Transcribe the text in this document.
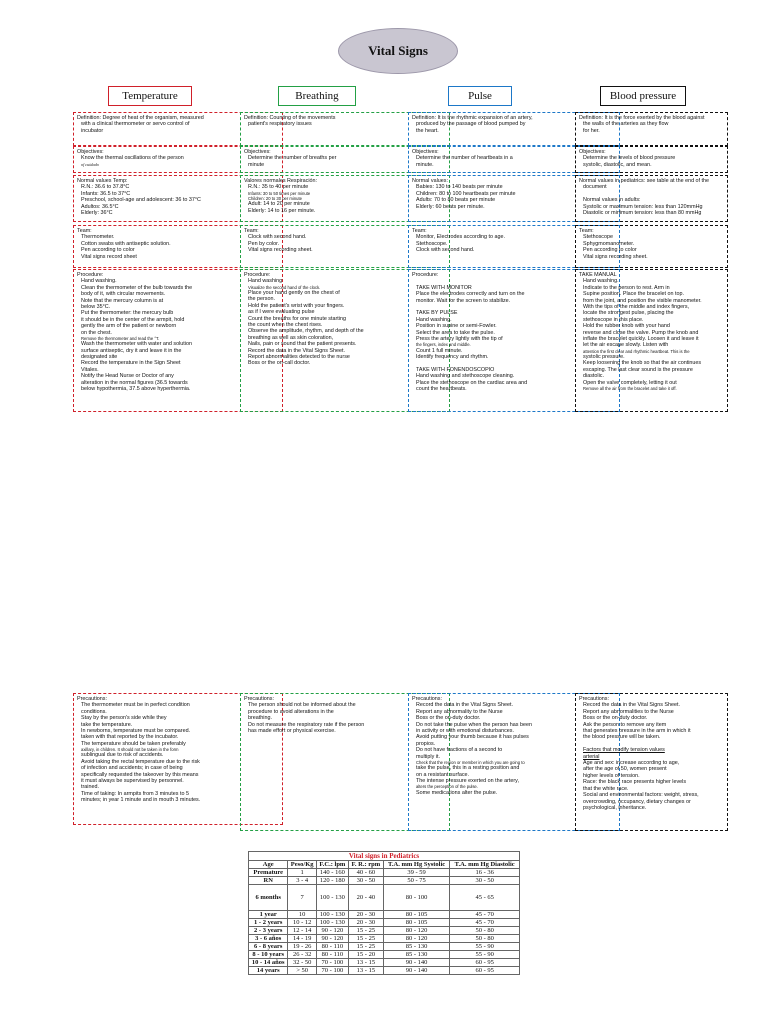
Vital Signs
Temperature
Definition: Degree of heat of the organism, measured
with a clinical thermometer or servo control of
incubator
Objectives:
Know the thermal oscillations of the person
of cuidado
Normal values Temp:
R.N.: 36.6 to 37.8°C
Infants: 36.5 to 37°C
Preschool, school-age and adolescent: 36 to 37°C
Adultos: 36.5°C
Elderly: 36°C
Team:
Thermometer.
Cotton swabs with antiseptic solution.
Pen according to color
Vital signs record sheet
Procedure:
Hand washing.
Clean the thermometer of the bulb towards the
body of it, with circular movements.
Note that the mercury column is at
below 35°C.
Put the thermometer: the mercury bulb
it should be in the center of the armpit, hold
gently the arm of the patient or newborn
on the chest.
Remove the thermometer and read the °T.
Wash the thermometer with water and solution
surface antiseptic, dry it and leave it in the
designated site
Record the temperature in the Sign Sheet
Vitales.
Notify the Head Nurse or Doctor of any
alteration in the normal figures (36.5 towards
below hypothermia, 37.5 above hyperthermia.
Precautions:
The thermometer must be in perfect condition
conditions.
Stay by the person's side while they
take the temperature.
In newborns, temperature must be compared.
taken with that reported by the incubator.
The temperature should be taken preferably
axillary, in children. It should not be taken in the form
sublingual due to risk of accidents.
Avoid taking the rectal temperature due to the risk
of infection and accidents; in case of being
specifically requested the takeover by this means
it must always be supervised by personnel.
trained.
Time of taking: In armpits from 3 minutes to 5
minutes; in year 1 minute and in mouth 3 minutes.
Breathing
Definition: Counting of the movements
patient's respiratory issues
Objectives:
Determine the number of breaths per
minute
Valores normales Respiración:
R.N.: 35 to 40 per minute
Infants: 30 to 50 times per minute
Children: 20 to 30 per minute
Adult: 14 to 20 per minute
Elderly: 14 to 16 per minute.
Team:
Clock with second hand.
Pen by color.
Vital signs recording sheet.
Procedure:
Hand washing
Visualize the second hand of the clock.
Place your hand gently on the chest of
the person.
Hold the patient's wrist with your fingers.
as if I were evaluating pulse
Count the breaths for one minute starting
the count when the chest rises.
Observe the amplitude, rhythm, and depth of the
breathing as well as skin coloration,
Nails, pain or sound that the patient presents.
Record the data in the Vital Signs Sheet.
Report abnormalities detected to the nurse
Boss or the on-call doctor.
Precautions:
The person should not be informed about the
procedure to avoid alterations in the
breathing.
Do not measure the respiratory rate if the person
has made effort or physical exercise.
Pulse
Definition: It is the rhythmic expansion of an artery,
produced by the passage of blood pumped by
the heart.
Objectives:
Determine the number of heartbeats in a
minute.
Normal values:
Babies: 130 to 140 beats per minute
Children: 80 to 100 heartbeats per minute
Adults: 70 to 80 beats per minute
Elderly: 60 beats per minute.
Team:
Monitor, Electrodes according to age.
Stethoscope.
Clock with second hand.
Procedure:

TAKE WITH MONITOR
Place the electrodes correctly and turn on the
monitor. Wait for the screen to stabilize.

TAKE BY PULSE
Hand washing.
Position in supine or semi-Fowler.
Select the area to take the pulse.
Press the artery lightly with the tip of
the fingers, index and middle.
Count 1 full minute.
Identify frequency and rhythm.

TAKE WITH FONENDOSCOPIO
Hand washing and stethoscope cleaning.
Place the stethoscope on the cardiac area and
count the heartbeats.
Precautions:
Record the data in the Vital Signs Sheet.
Report any abnormality to the Nurse
Boss or the on-duty doctor.
Do not take the pulse when the person has been
in activity or with emotional disturbances.
Avoid putting your thumb because it has pulses
propios.
Do not have fractions of a second to
multiply it.
Check that the region or member in which you are going to
take the pulse, this in a resting position and
on a resistant surface.
The intense pressure exerted on the artery,
alters the perception of the pulse.
Some medications alter the pulse.
Blood pressure
Definition: It is the force exerted by the blood against
the walls of the arteries as they flow
for her.
Objectives:
Determine the levels of blood pressure
systolic, diastolic, and mean.
Normal values in pediatrics: see table at the end of the
document

Normal values in adults:
Systolic or maximum tension: less than 120mmHg
Diastolic or minimum tension: less than 80 mmHg
Team:
Stethoscope
Sphygmomanometer.
Pen according to color
Vital signs recording sheet.
TAKE MANUAL
Hand washing.
Indicate to the person to rest. Arm in
Supine position. Place the bracelet on top.
from the joint, and position the visible manometer.
With the tips of the middle and index fingers,
locate the strongest pulse, placing the
stethoscope in this place.
Hold the rubber knob with your hand
reverse and close the valve. Pump the knob and
inflate the bracelet quickly. Loosen it and leave it
let the air escape slowly. Listen with
attention the first clear and rhythmic heartbeat. This is the
systolic pressure.
Keep loosening the knob so that the air continues
escaping. The last clear sound is the pressure
diastolic.
Open the valve completely, letting it out
Remove all the air from the bracelet and take it off.
Precautions:
Record the data in the Vital Signs Sheet.
Report any abnormalities to the Nurse
Boss or the on-duty doctor.
Ask the person to remove any item
that generates pressure in the arm in which it
the blood pressure will be taken.

Factors that modify tension values
arterial
Age and sex: increase according to age,
after the age of 50, women present
higher levels of tension.
Race: the black race presents higher levels
that the white race.
Social and environmental factors: weight, stress,
overcrowding, occupancy, dietary changes or
psychological, inheritance.
Vital signs in Pediatrics					
Age	Peso/Kg	F.C.: lpm	F. R.: rpm	T.A. mm Hg Systolic	T.A. mm Hg Diastolic
Premature	1	140 - 160	40 - 60	39 - 59	16 - 36
RN	3 - 4	120 - 180	30 - 50	50 - 75	30 - 50
6 months	7	100 - 130	20 - 40	80 - 100	45 - 65
1 year	10	100 - 130	20 - 30	80 - 105	45 - 70
1 - 2 years	10 - 12	100 - 130	20 - 30	80 - 105	45 - 70
2 - 3 years	12 - 14	90 - 120	15 - 25	80 - 120	50 - 80
3 - 6 años	14 - 19	90 - 120	15 - 25	80 - 120	50 - 80
6 - 8 years	19 - 26	80 - 110	15 - 25	85 - 130	55 - 90
8 - 10 years	26 - 32	80 - 110	15 - 20	85 - 130	55 - 90
10 - 14 años	32 - 50	70 - 100	13 - 15	90 - 140	60 - 95
14 years	> 50	70 - 100	13 - 15	90 - 140	60 - 95
